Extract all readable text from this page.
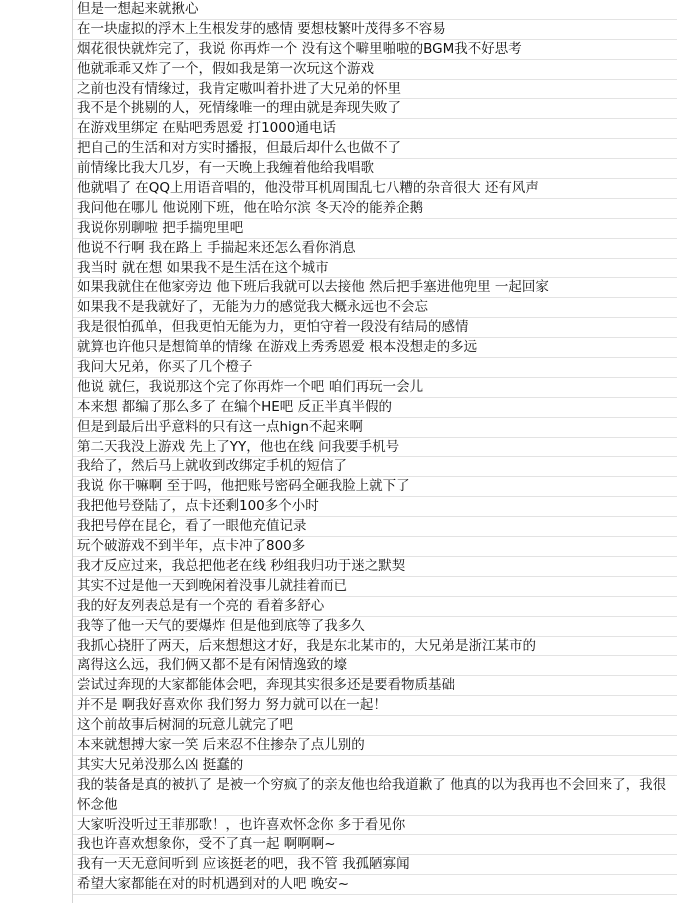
但是一想起来就揪心
在一块虚拟的浮木上生根发芽的感情 要想枝繁叶茂得多不容易
烟花很快就炸完了，我说 你再炸一个 没有这个噼里啪啦的BGM我不好思考
他就乖乖又炸了一个，假如我是第一次玩这个游戏
之前也没有情缘过，我肯定嗷叫着扑进了大兄弟的怀里
我不是个挑剔的人，死情缘唯一的理由就是奔现失败了
在游戏里绑定 在贴吧秀恩爱 打1000通电话
把自己的生活和对方实时播报，但最后却什么也做不了
前情缘比我大几岁，有一天晚上我缠着他给我唱歌
他就唱了 在QQ上用语音唱的，他没带耳机周围乱七八糟的杂音很大 还有风声
我问他在哪儿 他说刚下班，他在哈尔滨 冬天冷的能养企鹅
我说你别聊啦 把手揣兜里吧
他说不行啊 我在路上 手揣起来还怎么看你消息
我当时 就在想 如果我不是生活在这个城市
如果我就住在他家旁边 他下班后我就可以去接他 然后把手塞进他兜里 一起回家
如果我不是我就好了，无能为力的感觉我大概永远也不会忘
我是很怕孤单，但我更怕无能为力，更怕守着一段没有结局的感情
就算也许他只是想简单的情缘 在游戏上秀秀恩爱 根本没想走的多远
我问大兄弟，你买了几个橙子
他说 就仨，我说那这个完了你再炸一个吧 咱们再玩一会儿
本来想 都编了那么多了 在编个HE吧 反正半真半假的
但是到最后出乎意料的只有这一点hign不起来啊
第二天我没上游戏 先上了YY，他也在线 问我要手机号
我给了，然后马上就收到改绑定手机的短信了
我说 你干嘛啊 至于吗，他把账号密码全砸我脸上就下了
我把他号登陆了，点卡还剩100多个小时
我把号停在昆仑，看了一眼他充值记录
玩个破游戏不到半年，点卡冲了800多
我才反应过来，我总把他老在线 秒组我归功于迷之默契
其实不过是他一天到晚闲着没事儿就挂着而已
我的好友列表总是有一个亮的 看着多舒心
我等了他一天气的要爆炸 但是他到底等了我多久
我抓心挠肝了两天，后来想想这才好，我是东北某市的，大兄弟是浙江某市的
离得这么远，我们俩又都不是有闲情逸致的壕
尝试过奔现的大家都能体会吧，奔现其实很多还是要看物质基础
并不是 啊我好喜欢你 我们努力 努力就可以在一起！
这个前故事后树洞的玩意儿就完了吧
本来就想搏大家一笑 后来忍不住掺杂了点儿别的
其实大兄弟没那么凶 挺蠢的
我的装备是真的被扒了 是被一个穷疯了的亲友他也给我道歉了 他真的以为我再也不会回来了，我很怀念他
大家听没听过王菲那歌！，也许喜欢怀念你 多于看见你
我也许喜欢想象你，受不了真一起 啊啊啊~
我有一天无意间听到 应该挺老的吧，我不管 我孤陋寡闻
希望大家都能在对的时机遇到对的人吧 晚安~
